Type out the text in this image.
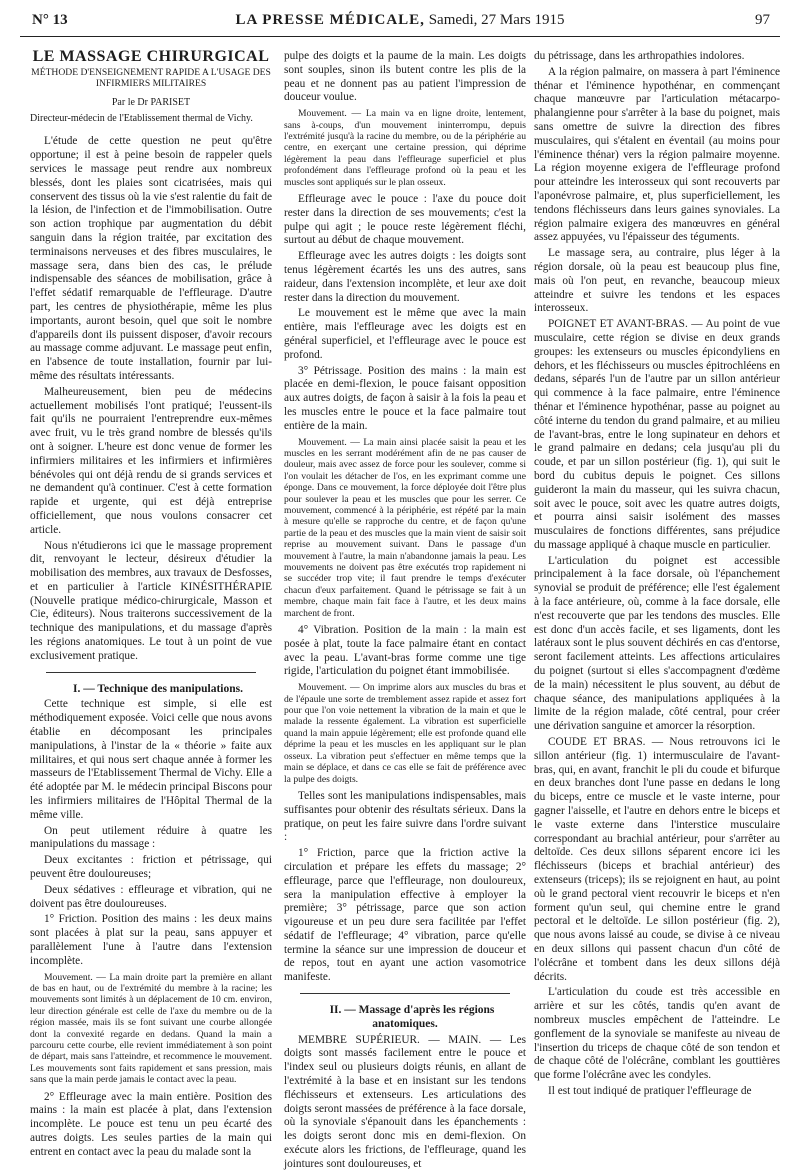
N° 13	LA PRESSE MÉDICALE, Samedi, 27 Mars 1915	97
LE MASSAGE CHIRURGICAL
MÉTHODE D'ENSEIGNEMENT RAPIDE A L'USAGE DES INFIRMIERS MILITAIRES
Par le Dr PARISET
Directeur-médecin de l'Etablissement thermal de Vichy.

L'étude de cette question ne peut qu'être opportune; il est à peine besoin de rappeler quels services le massage peut rendre aux nombreux blessés, dont les plaies sont cicatrisées, mais qui conservent des tissus où la vie s'est ralentie du fait de la lésion, de l'infection et de l'immobilisation. Outre son action trophique par augmentation du débit sanguin dans la région traitée, par excitation des terminaisons nerveuses et des fibres musculaires, le massage sera, dans bien des cas, le prélude indispensable des séances de mobilisation, grâce à l'effet sédatif remarquable de l'effleurage. D'autre part, les centres de physiothérapie, même les plus importants, auront besoin, quel que soit le nombre d'appareils dont ils puissent disposer, d'avoir recours au massage comme adjuvant. Le massage peut enfin, en l'absence de toute installation, fournir par lui-même des résultats intéressants.

Malheureusement, bien peu de médecins actuellement mobilisés l'ont pratiqué; l'eussent-ils fait qu'ils ne pourraient l'entreprendre eux-mêmes avec fruit, vu le très grand nombre de blessés qu'ils ont à soigner. L'heure est donc venue de former les infirmiers militaires et les infirmiers et infirmières bénévoles qui ont déjà rendu de si grands services et ne demandent qu'à continuer. C'est à cette formation rapide et urgente, qui est déjà entreprise officiellement, que nous voulons consacrer cet article.

Nous n'étudierons ici que le massage proprement dit, renvoyant le lecteur, désireux d'étudier la mobilisation des membres, aux travaux de Desfosses, et en particulier à l'article KINÉSITHÉRAPIE (Nouvelle pratique médico-chirurgicale, Masson et Cie, éditeurs). Nous traiterons successivement de la technique des manipulations, et du massage d'après les régions anatomiques. Le tout à un point de vue exclusivement pratique.

I. — Technique des manipulations.

Cette technique est simple, si elle est méthodiquement exposée. Voici celle que nous avons établie en décomposant les principales manipulations, à l'instar de la « théorie » faite aux militaires, et qui nous sert chaque année à former les masseurs de l'Etablissement Thermal de Vichy. Elle a été adoptée par M. le médecin principal Biscons pour les infirmiers militaires de l'Hôpital Thermal de la même ville.

On peut utilement réduire à quatre les manipulations du massage :

Deux excitantes : friction et pétrissage, qui peuvent être douloureuses;

Deux sédatives : effleurage et vibration, qui ne doivent pas être douloureuses.

1° Friction. Position des mains : les deux mains sont placées à plat sur la peau, sans appuyer et parallèlement l'une à l'autre dans l'extension incomplète.

Mouvement. — La main droite part la première en allant de bas en haut, ou de l'extrémité du membre à la racine; les mouvements sont limités à un déplacement de 10 cm. environ, leur direction générale est celle de l'axe du membre ou de la région massée, mais ils se font suivant une courbe allongée dont la convexité regarde en dedans. Quand la main a parcouru cette courbe, elle revient immédiatement à son point de départ, mais sans l'atteindre, et recommence le mouvement. Les mouvements sont faits rapidement et sans pression, mais sans que la main perde jamais le contact avec la peau.

2° Effleurage avec la main entière. Position des mains : la main est placée à plat, dans l'extension incomplète. Le pouce est tenu un peu écarté des autres doigts. Les seules parties de la main qui entrent en contact avec la peau du malade sont la

pulpe des doigts et la paume de la main. Les doigts sont souples, sinon ils butent contre les plis de la peau et ne donnent pas au patient l'impression de douceur voulue.

Mouvement. — La main va en ligne droite, lentement, sans à-coups, d'un mouvement ininterrompu, depuis l'extrémité jusqu'à la racine du membre, ou de la périphérie au centre, en exerçant une certaine pression, qui déprime légèrement la peau dans l'effleurage superficiel et plus profondément dans l'effleurage profond où la peau et les muscles sont appliqués sur le plan osseux.

Effleurage avec le pouce : l'axe du pouce doit rester dans la direction de ses mouvements; c'est la pulpe qui agit ; le pouce reste légèrement fléchi, surtout au début de chaque mouvement.

Effleurage avec les autres doigts : les doigts sont tenus légèrement écartés les uns des autres, sans raideur, dans l'extension incomplète, et leur axe doit rester dans la direction du mouvement.

Le mouvement est le même que avec la main entière, mais l'effleurage avec les doigts est en général superficiel, et l'effleurage avec le pouce est profond.

3° Pétrissage. Position des mains : la main est placée en demi-flexion, le pouce faisant opposition aux autres doigts, de façon à saisir à la fois la peau et les muscles entre le pouce et la face palmaire tout entière de la main.

Mouvement. — La main ainsi placée saisit la peau et les muscles en les serrant modérément afin de ne pas causer de douleur, mais avec assez de force pour les soulever, comme si l'on voulait les détacher de l'os, en les exprimant comme une éponge. Dans ce mouvement, la force déployée doit l'être plus pour soulever la peau et les muscles que pour les serrer. Ce mouvement, commencé à la périphérie, est répété par la main à mesure qu'elle se rapproche du centre, et de façon qu'une partie de la peau et des muscles que la main vient de saisir soit reprise au mouvement suivant. Dans le passage d'un mouvement à l'autre, la main n'abandonne jamais la peau. Les mouvements ne doivent pas être exécutés trop rapidement ni se succéder trop vite; il faut prendre le temps d'exécuter chacun d'eux parfaitement. Quand le pétrissage se fait à un membre, chaque main fait face à l'autre, et les deux mains marchent de front.

4° Vibration. Position de la main : la main est posée à plat, toute la face palmaire étant en contact avec la peau. L'avant-bras forme comme une tige rigide, l'articulation du poignet étant immobilisée.

Mouvement. — On imprime alors aux muscles du bras et de l'épaule une sorte de tremblement assez rapide et assez fort pour que l'on voie nettement la vibration de la main et que le malade la ressente également. La vibration est superficielle quand la main appuie légèrement; elle est profonde quand elle déprime la peau et les muscles en les appliquant sur le plan osseux. La vibration peut s'effectuer en même temps que la main se déplace, et dans ce cas elle se fait de préférence avec la pulpe des doigts.

Telles sont les manipulations indispensables, mais suffisantes pour obtenir des résultats sérieux. Dans la pratique, on peut les faire suivre dans l'ordre suivant :

1° Friction, parce que la friction active la circulation et prépare les effets du massage; 2° effleurage, parce que l'effleurage, non douloureux, sera la manipulation effective à employer la première; 3° pétrissage, parce que son action vigoureuse et un peu dure sera facilitée par l'effet sédatif de l'effleurage; 4° vibration, parce qu'elle termine la séance sur une impression de douceur et de repos, tout en ayant une action vasomotrice manifeste.

II. — Massage d'après les régions anatomiques.

MEMBRE SUPÉRIEUR. — MAIN. — Les doigts sont massés facilement entre le pouce et l'index seul ou plusieurs doigts réunis, en allant de l'extrémité à la base et en insistant sur les tendons fléchisseurs et extenseurs. Les articulations des doigts seront massées de préférence à la face dorsale, où la synoviale s'épanouit dans les épanchements : les doigts seront donc mis en demi-flexion. On exécute alors les frictions, de l'effleurage, quand les jointures sont douloureuses, et

du pétrissage, dans les arthropathies indolores.

A la région palmaire, on massera à part l'éminence thénar et l'éminence hypothénar, en commençant chaque manœuvre par l'articulation métacarpo-phalangienne pour s'arrêter à la base du poignet, mais sans omettre de suivre la direction des fibres musculaires, qui s'étalent en éventail (au moins pour l'éminence thénar) vers la région palmaire moyenne. La région moyenne exigera de l'effleurage profond pour atteindre les interosseux qui sont recouverts par l'aponévrose palmaire, et, plus superficiellement, les tendons fléchisseurs dans leurs gaines synoviales. La région palmaire exigera des manœuvres en général assez appuyées, vu l'épaisseur des téguments.

Le massage sera, au contraire, plus léger à la région dorsale, où la peau est beaucoup plus fine, mais où l'on peut, en revanche, beaucoup mieux atteindre et suivre les tendons et les espaces interosseux.

POIGNET ET AVANT-BRAS. — Au point de vue musculaire, cette région se divise en deux grands groupes: les extenseurs ou muscles épicondyliens en dehors, et les fléchisseurs ou muscles épitrochléens en dedans, séparés l'un de l'autre par un sillon antérieur qui commence à la face palmaire, entre l'éminence thénar et l'éminence hypothénar, passe au poignet au côté interne du tendon du grand palmaire, et au milieu de l'avant-bras, entre le long supinateur en dehors et le grand palmaire en dedans; cela jusqu'au pli du coude, et par un sillon postérieur (fig. 1), qui suit le bord du cubitus depuis le poignet. Ces sillons guideront la main du masseur, qui les suivra chacun, soit avec le pouce, soit avec les quatre autres doigts, et pourra ainsi saisir isolément des masses musculaires de fonctions différentes, sans préjudice du massage appliqué à chaque muscle en particulier.

L'articulation du poignet est accessible principalement à la face dorsale, où l'épanchement synovial se produit de préférence; elle l'est également à la face antérieure, où, comme à la face dorsale, elle n'est recouverte que par les tendons des muscles. Elle est donc d'un accès facile, et ses ligaments, dont les latéraux sont le plus souvent déchirés en cas d'entorse, seront facilement atteints. Les affections articulaires du poignet (surtout si elles s'accompagnent d'œdème de la main) nécessitent le plus souvent, au début de chaque séance, des manipulations appliquées à la limite de la région malade, côté central, pour créer une dérivation sanguine et amorcer la résorption.

COUDE ET BRAS. — Nous retrouvons ici le sillon antérieur (fig. 1) intermusculaire de l'avant-bras, qui, en avant, franchit le pli du coude et bifurque en deux branches dont l'une passe en dedans le long du biceps, entre ce muscle et le vaste interne, pour gagner l'aisselle, et l'autre en dehors entre le biceps et le vaste externe dans l'interstice musculaire correspondant au brachial antérieur, pour s'arrêter au deltoïde. Ces deux sillons séparent encore ici les fléchisseurs (biceps et brachial antérieur) des extenseurs (triceps); ils se rejoignent en haut, au point où le grand pectoral vient recouvrir le biceps et n'en forment qu'un seul, qui chemine entre le grand pectoral et le deltoïde. Le sillon postérieur (fig. 2), que nous avons laissé au coude, se divise à ce niveau en deux sillons qui passent chacun d'un côté de l'olécrâne et tombent dans les deux sillons déjà décrits.

L'articulation du coude est très accessible en arrière et sur les côtés, tandis qu'en avant de nombreux muscles empêchent de l'atteindre. Le gonflement de la synoviale se manifeste au niveau de l'insertion du triceps de chaque côté de son tendon et de chaque côté de l'olécrâne, comblant les gouttières que forme l'olécrâne avec les condyles.

Il est tout indiqué de pratiquer l'effleurage de
